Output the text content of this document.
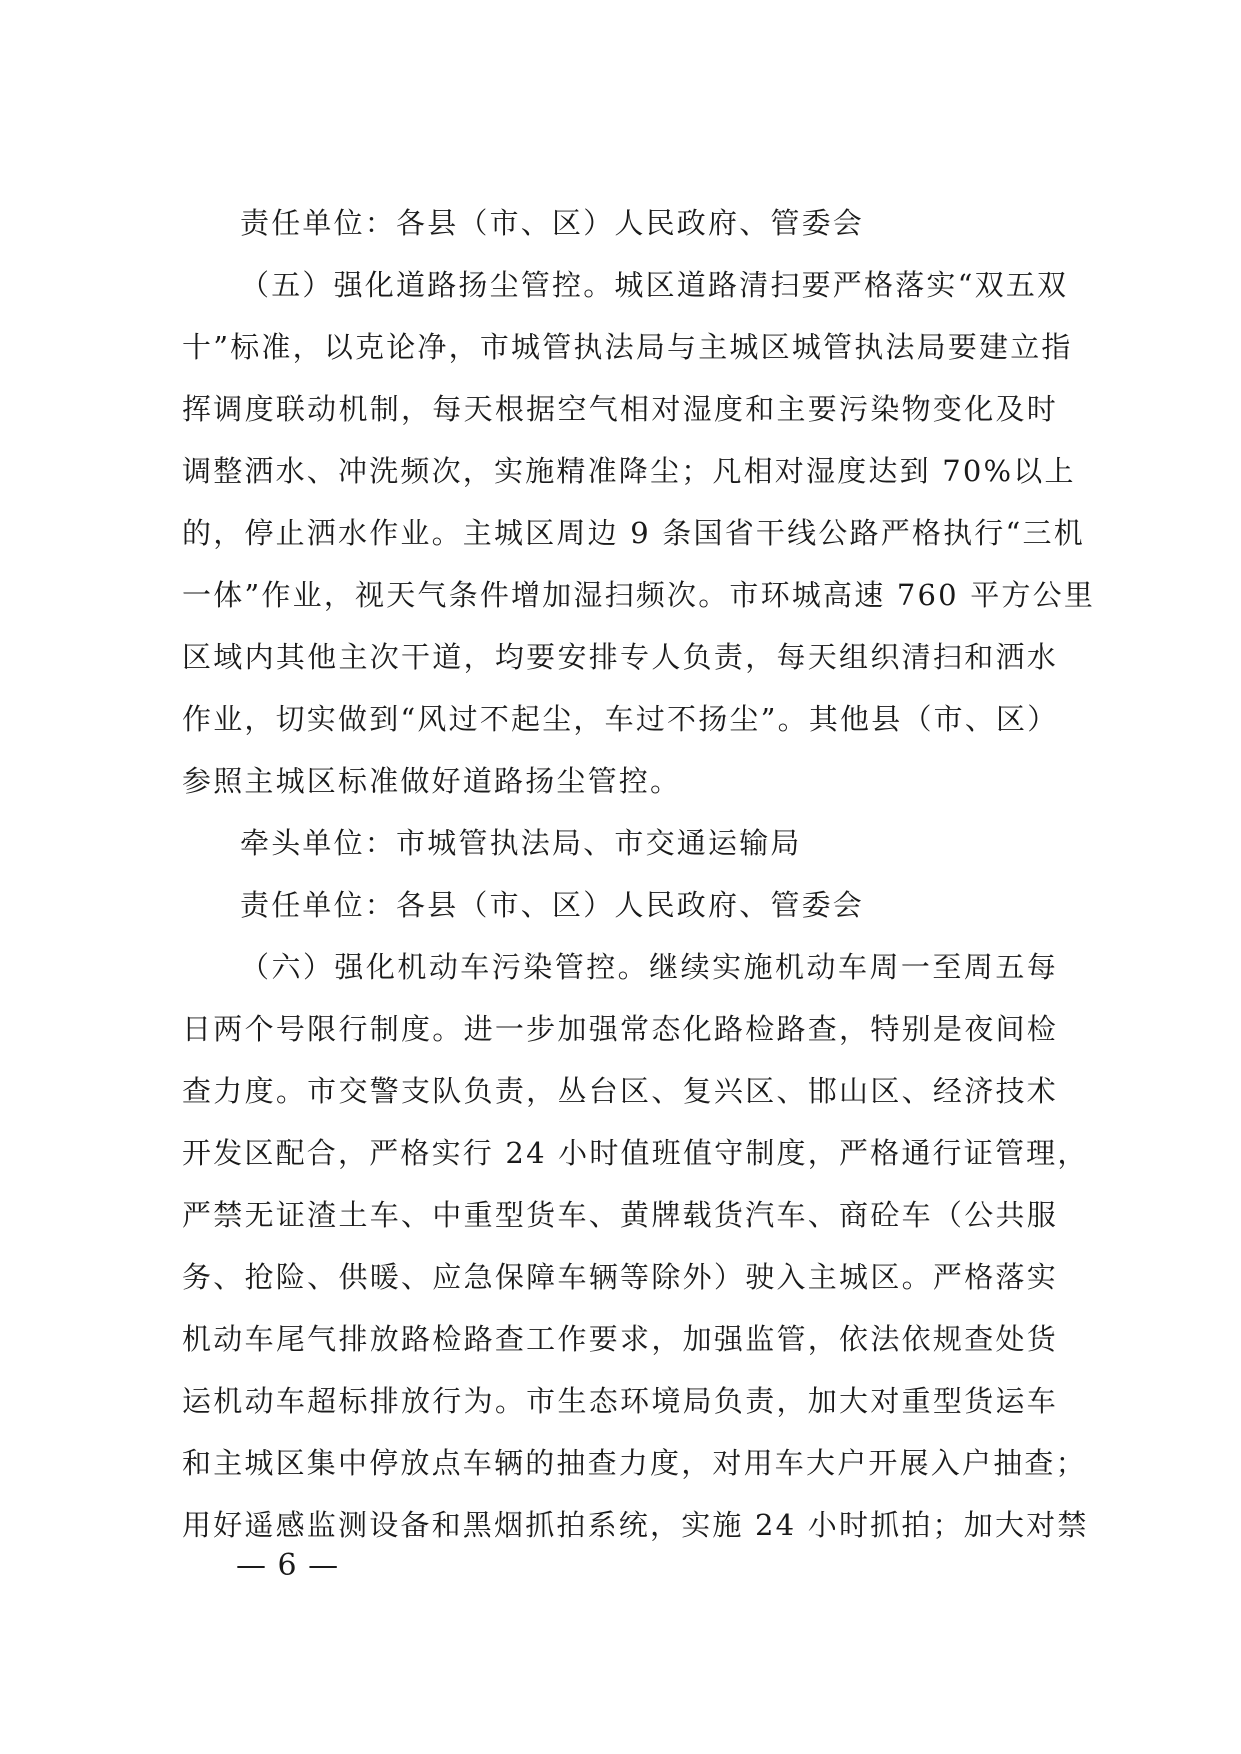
责任单位：各县（市、区）人民政府、管委会
（五）强化道路扬尘管控。城区道路清扫要严格落实“双五双
十”标准，以克论净，市城管执法局与主城区城管执法局要建立指
挥调度联动机制，每天根据空气相对湿度和主要污染物变化及时
调整洒水、冲洗频次，实施精准降尘；凡相对湿度达到 70%以上
的，停止洒水作业。主城区周边 9 条国省干线公路严格执行“三机
一体”作业，视天气条件增加湿扫频次。市环城高速 760 平方公里
区域内其他主次干道，均要安排专人负责，每天组织清扫和洒水
作业，切实做到“风过不起尘，车过不扬尘”。其他县（市、区）
参照主城区标准做好道路扬尘管控。
牵头单位：市城管执法局、市交通运输局
责任单位：各县（市、区）人民政府、管委会
（六）强化机动车污染管控。继续实施机动车周一至周五每
日两个号限行制度。进一步加强常态化路检路查，特别是夜间检
查力度。市交警支队负责，丛台区、复兴区、邯山区、经济技术
开发区配合，严格实行 24 小时值班值守制度，严格通行证管理，
严禁无证渣土车、中重型货车、黄牌载货汽车、商砼车（公共服
务、抢险、供暖、应急保障车辆等除外）驶入主城区。严格落实
机动车尾气排放路检路查工作要求，加强监管，依法依规查处货
运机动车超标排放行为。市生态环境局负责，加大对重型货运车
和主城区集中停放点车辆的抽查力度，对用车大户开展入户抽查；
用好遥感监测设备和黑烟抓拍系统，实施 24 小时抓拍；加大对禁
— 6 —
